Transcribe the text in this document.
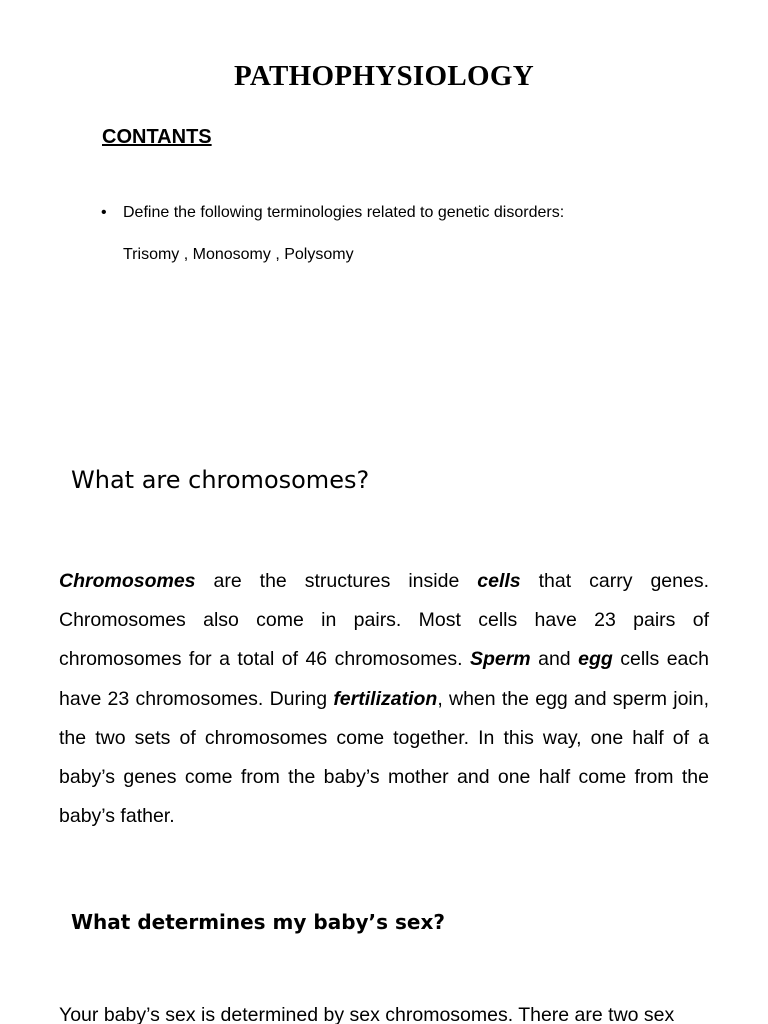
PATHOPHYSIOLOGY
CONTANTS
•	Define the following terminologies related to genetic disorders:
Trisomy , Monosomy , Polysomy
What are chromosomes?

Chromosomes are the structures inside cells that carry genes. Chromosomes also come in pairs. Most cells have 23 pairs of chromosomes for a total of 46 chromosomes. Sperm and egg cells each have 23 chromosomes. During fertilization, when the egg and sperm join, the two sets of chromosomes come together. In this way, one half of a baby’s genes come from the baby’s mother and one half come from the baby’s father.

What determines my baby’s sex?

Your baby’s sex is determined by sex chromosomes. There are two sex
